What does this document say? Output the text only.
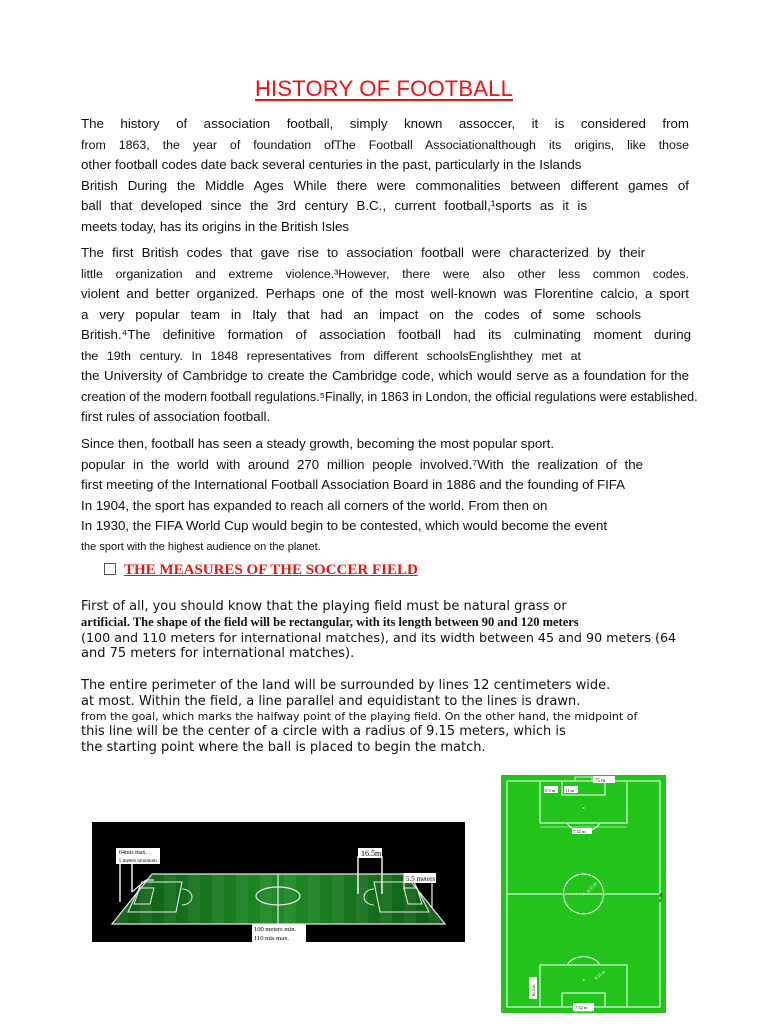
HISTORY OF FOOTBALL
The history of association football, simply known assoccer, it is considered from
from 1863, the year of foundation ofThe Football Associationalthough its origins, like those
other football codes date back several centuries in the past, particularly in the Islands
British During the Middle Ages While there were commonalities between different games of
ball that developed since the 3rd century B.C., current football,¹sports as it is
meets today, has its origins in the British Isles
The first British codes that gave rise to association football were characterized by their
little organization and extreme violence.³However, there were also other less common codes.
violent and better organized. Perhaps one of the most well-known was Florentine calcio, a sport
a very popular team in Italy that had an impact on the codes of some schools
British.⁴The definitive formation of association football had its culminating moment during
the 19th century. In 1848 representatives from different schoolsEnglishthey met at
the University of Cambridge to create the Cambridge code, which would serve as a foundation for the
creation of the modern football regulations.⁵Finally, in 1863 in London, the official regulations were established.
first rules of association football.
Since then, football has seen a steady growth, becoming the most popular sport.
popular in the world with around 270 million people involved.⁷With the realization of the
first meeting of the International Football Association Board in 1886 and the founding of FIFA
In 1904, the sport has expanded to reach all corners of the world. From then on
In 1930, the FIFA World Cup would begin to be contested, which would become the event
the sport with the highest audience on the planet.
THE MEASURES OF THE SOCCER FIELD
First of all, you should know that the playing field must be natural grass or
artificial. The shape of the field will be rectangular, with its length between 90 and 120 meters
(100 and 110 meters for international matches), and its width between 45 and 90 meters (64
and 75 meters for international matches).
The entire perimeter of the land will be surrounded by lines 12 centimeters wide.
at most. Within the field, a line parallel and equidistant to the lines is drawn.
from the goal, which marks the halfway point of the playing field. On the other hand, the midpoint of
this line will be the center of a circle with a radius of 9.15 meters, which is
the starting point where the ball is placed to begin the match.
64mts max.
5 meters minimum
16.5m
5.5 meters
100 meters min.
110 mts max.
75 m
5.5 m 11 m
7.32 m
9.15 m
90 m
16.5 m
9.15 m
7.32 m
